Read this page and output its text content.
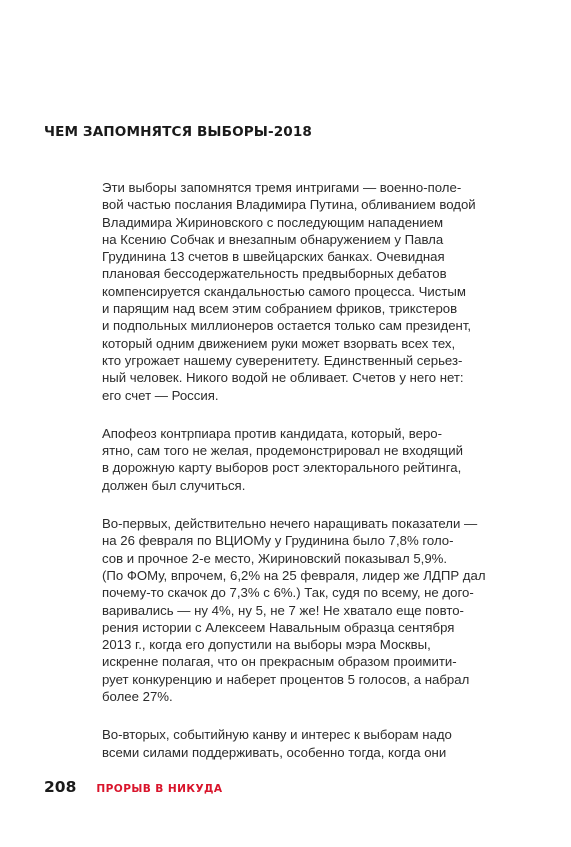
ЧЕМ ЗАПОМНЯТСЯ ВЫБОРЫ-2018

Эти выборы запомнятся тремя интригами — военно-поле-
вой частью послания Владимира Путина, обливанием водой
Владимира Жириновского с последующим нападением
на Ксению Собчак и внезапным обнаружением у Павла
Грудинина 13 счетов в швейцарских банках. Очевидная
плановая бессодержательность предвыборных дебатов
компенсируется скандальностью самого процесса. Чистым
и парящим над всем этим собранием фриков, трикстеров
и подпольных миллионеров остается только сам президент,
который одним движением руки может взорвать всех тех,
кто угрожает нашему суверенитету. Единственный серьез-
ный человек. Никого водой не обливает. Счетов у него нет:
его счет — Россия.

Апофеоз контрпиара против кандидата, который, веро-
ятно, сам того не желая, продемонстрировал не входящий
в дорожную карту выборов рост электорального рейтинга,
должен был случиться.

Во-первых, действительно нечего наращивать показатели —
на 26 февраля по ВЦИОМу у Грудинина было 7,8% голо-
сов и прочное 2-е место, Жириновский показывал 5,9%.
(По ФОМу, впрочем, 6,2% на 25 февраля, лидер же ЛДПР дал
почему-то скачок до 7,3% с 6%.) Так, судя по всему, не дого-
варивались — ну 4%, ну 5, не 7 же! Не хватало еще повто-
рения истории с Алексеем Навальным образца сентября
2013 г., когда его допустили на выборы мэра Москвы,
искренне полагая, что он прекрасным образом проимити-
рует конкуренцию и наберет процентов 5 голосов, а набрал
более 27%.

Во-вторых, событийную канву и интерес к выборам надо
всеми силами поддерживать, особенно тогда, когда они

208 ПРОРЫВ В НИКУДА
